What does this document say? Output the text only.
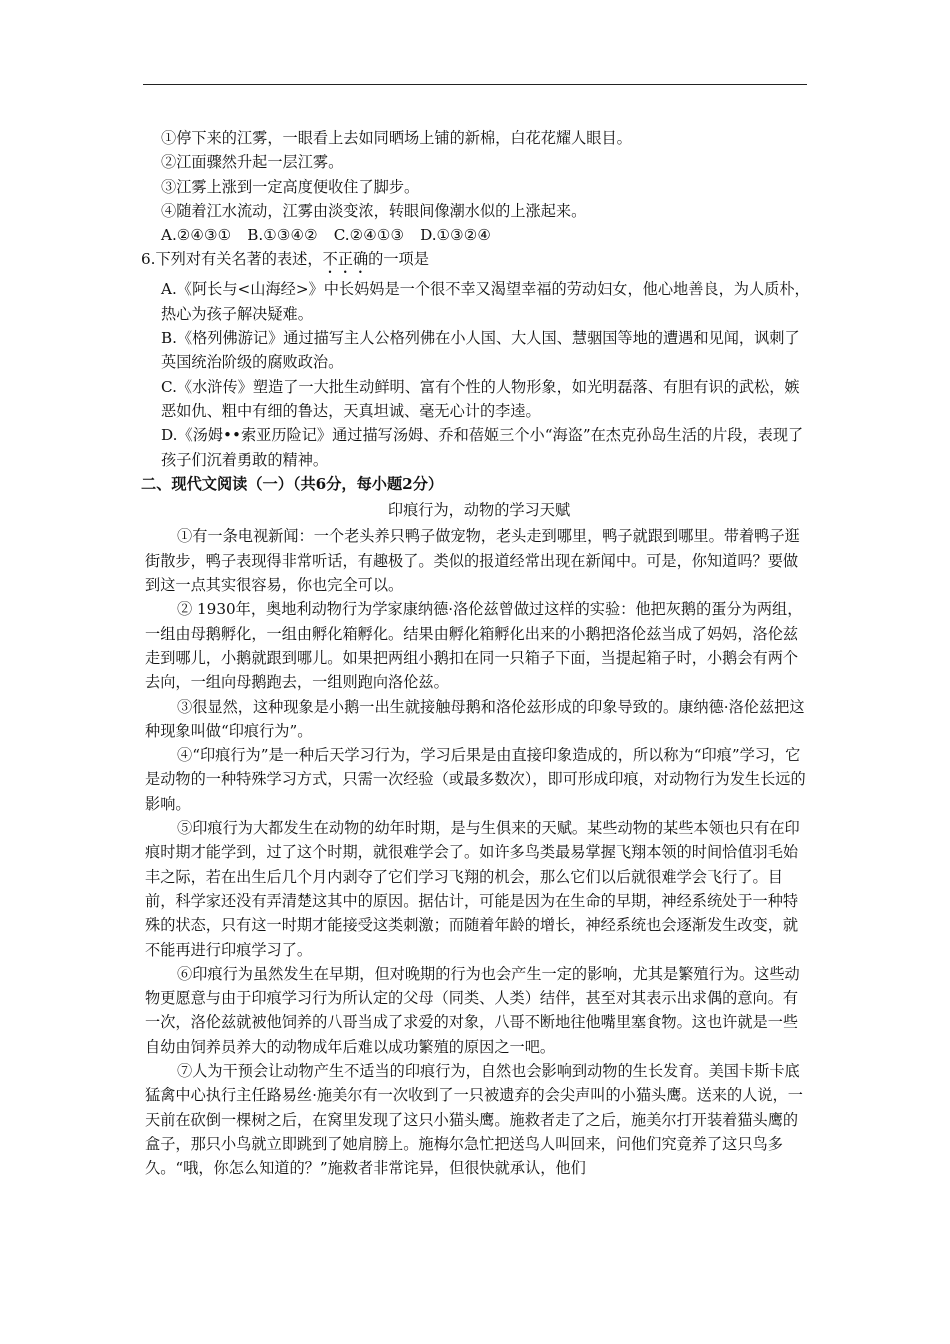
①停下来的江雾，一眼看上去如同晒场上铺的新棉，白花花耀人眼目。

②江面骤然升起一层江雾。

③江雾上涨到一定高度便收住了脚步。

④随着江水流动，江雾由淡变浓，转眼间像潮水似的上涨起来。

A.②④③① B.①③④② C.②④①③ D.①③②④

6.下列对有关名著的表述，不正确的一项是

A.《阿长与<山海经>》中长妈妈是一个很不幸又渴望幸福的劳动妇女，他心地善良，为人质朴，热心为孩子解决疑难。

B.《格列佛游记》通过描写主人公格列佛在小人国、大人国、慧骃国等地的遭遇和见闻，讽刺了英国统治阶级的腐败政治。

C.《水浒传》塑造了一大批生动鲜明、富有个性的人物形象，如光明磊落、有胆有识的武松，嫉恶如仇、粗中有细的鲁达，天真坦诚、毫无心计的李逵。

D.《汤姆••索亚历险记》通过描写汤姆、乔和蓓姬三个小“海盗”在杰克孙岛生活的片段，表现了孩子们沉着勇敢的精神。

二、现代文阅读（一）（共6分，每小题2分）

印痕行为，动物的学习天赋

①有一条电视新闻：一个老头养只鸭子做宠物，老头走到哪里，鸭子就跟到哪里。带着鸭子逛街散步，鸭子表现得非常听话，有趣极了。类似的报道经常出现在新闻中。可是，你知道吗？要做到这一点其实很容易，你也完全可以。

② 1930年，奥地利动物行为学家康纳德·洛伦兹曾做过这样的实验：他把灰鹅的蛋分为两组，一组由母鹅孵化，一组由孵化箱孵化。结果由孵化箱孵化出来的小鹅把洛伦兹当成了妈妈，洛伦兹走到哪儿，小鹅就跟到哪儿。如果把两组小鹅扣在同一只箱子下面，当提起箱子时，小鹅会有两个去向，一组向母鹅跑去，一组则跑向洛伦兹。

③很显然，这种现象是小鹅一出生就接触母鹅和洛伦兹形成的印象导致的。康纳德·洛伦兹把这种现象叫做“印痕行为”。

④“印痕行为”是一种后天学习行为，学习后果是由直接印象造成的，所以称为“印痕”学习，它是动物的一种特殊学习方式，只需一次经验（或最多数次），即可形成印痕，对动物行为发生长远的影响。

⑤印痕行为大都发生在动物的幼年时期，是与生俱来的天赋。某些动物的某些本领也只有在印痕时期才能学到，过了这个时期，就很难学会了。如许多鸟类最易掌握飞翔本领的时间恰值羽毛始丰之际，若在出生后几个月内剥夺了它们学习飞翔的机会，那么它们以后就很难学会飞行了。目前，科学家还没有弄清楚这其中的原因。据估计，可能是因为在生命的早期，神经系统处于一种特殊的状态，只有这一时期才能接受这类刺激；而随着年龄的增长，神经系统也会逐渐发生改变，就不能再进行印痕学习了。

⑥印痕行为虽然发生在早期，但对晚期的行为也会产生一定的影响，尤其是繁殖行为。这些动物更愿意与由于印痕学习行为所认定的父母（同类、人类）结伴，甚至对其表示出求偶的意向。有一次，洛伦兹就被他饲养的八哥当成了求爱的对象，八哥不断地往他嘴里塞食物。这也许就是一些自幼由饲养员养大的动物成年后难以成功繁殖的原因之一吧。

⑦人为干预会让动物产生不适当的印痕行为，自然也会影响到动物的生长发育。美国卡斯卡底猛禽中心执行主任路易丝·施美尔有一次收到了一只被遗弃的会尖声叫的小猫头鹰。送来的人说，一天前在砍倒一棵树之后，在窝里发现了这只小猫头鹰。施救者走了之后，施美尔打开装着猫头鹰的盒子，那只小鸟就立即跳到了她肩膀上。施梅尔急忙把送鸟人叫回来，问他们究竟养了这只鸟多久。“哦，你怎么知道的？”施救者非常诧异，但很快就承认，他们
